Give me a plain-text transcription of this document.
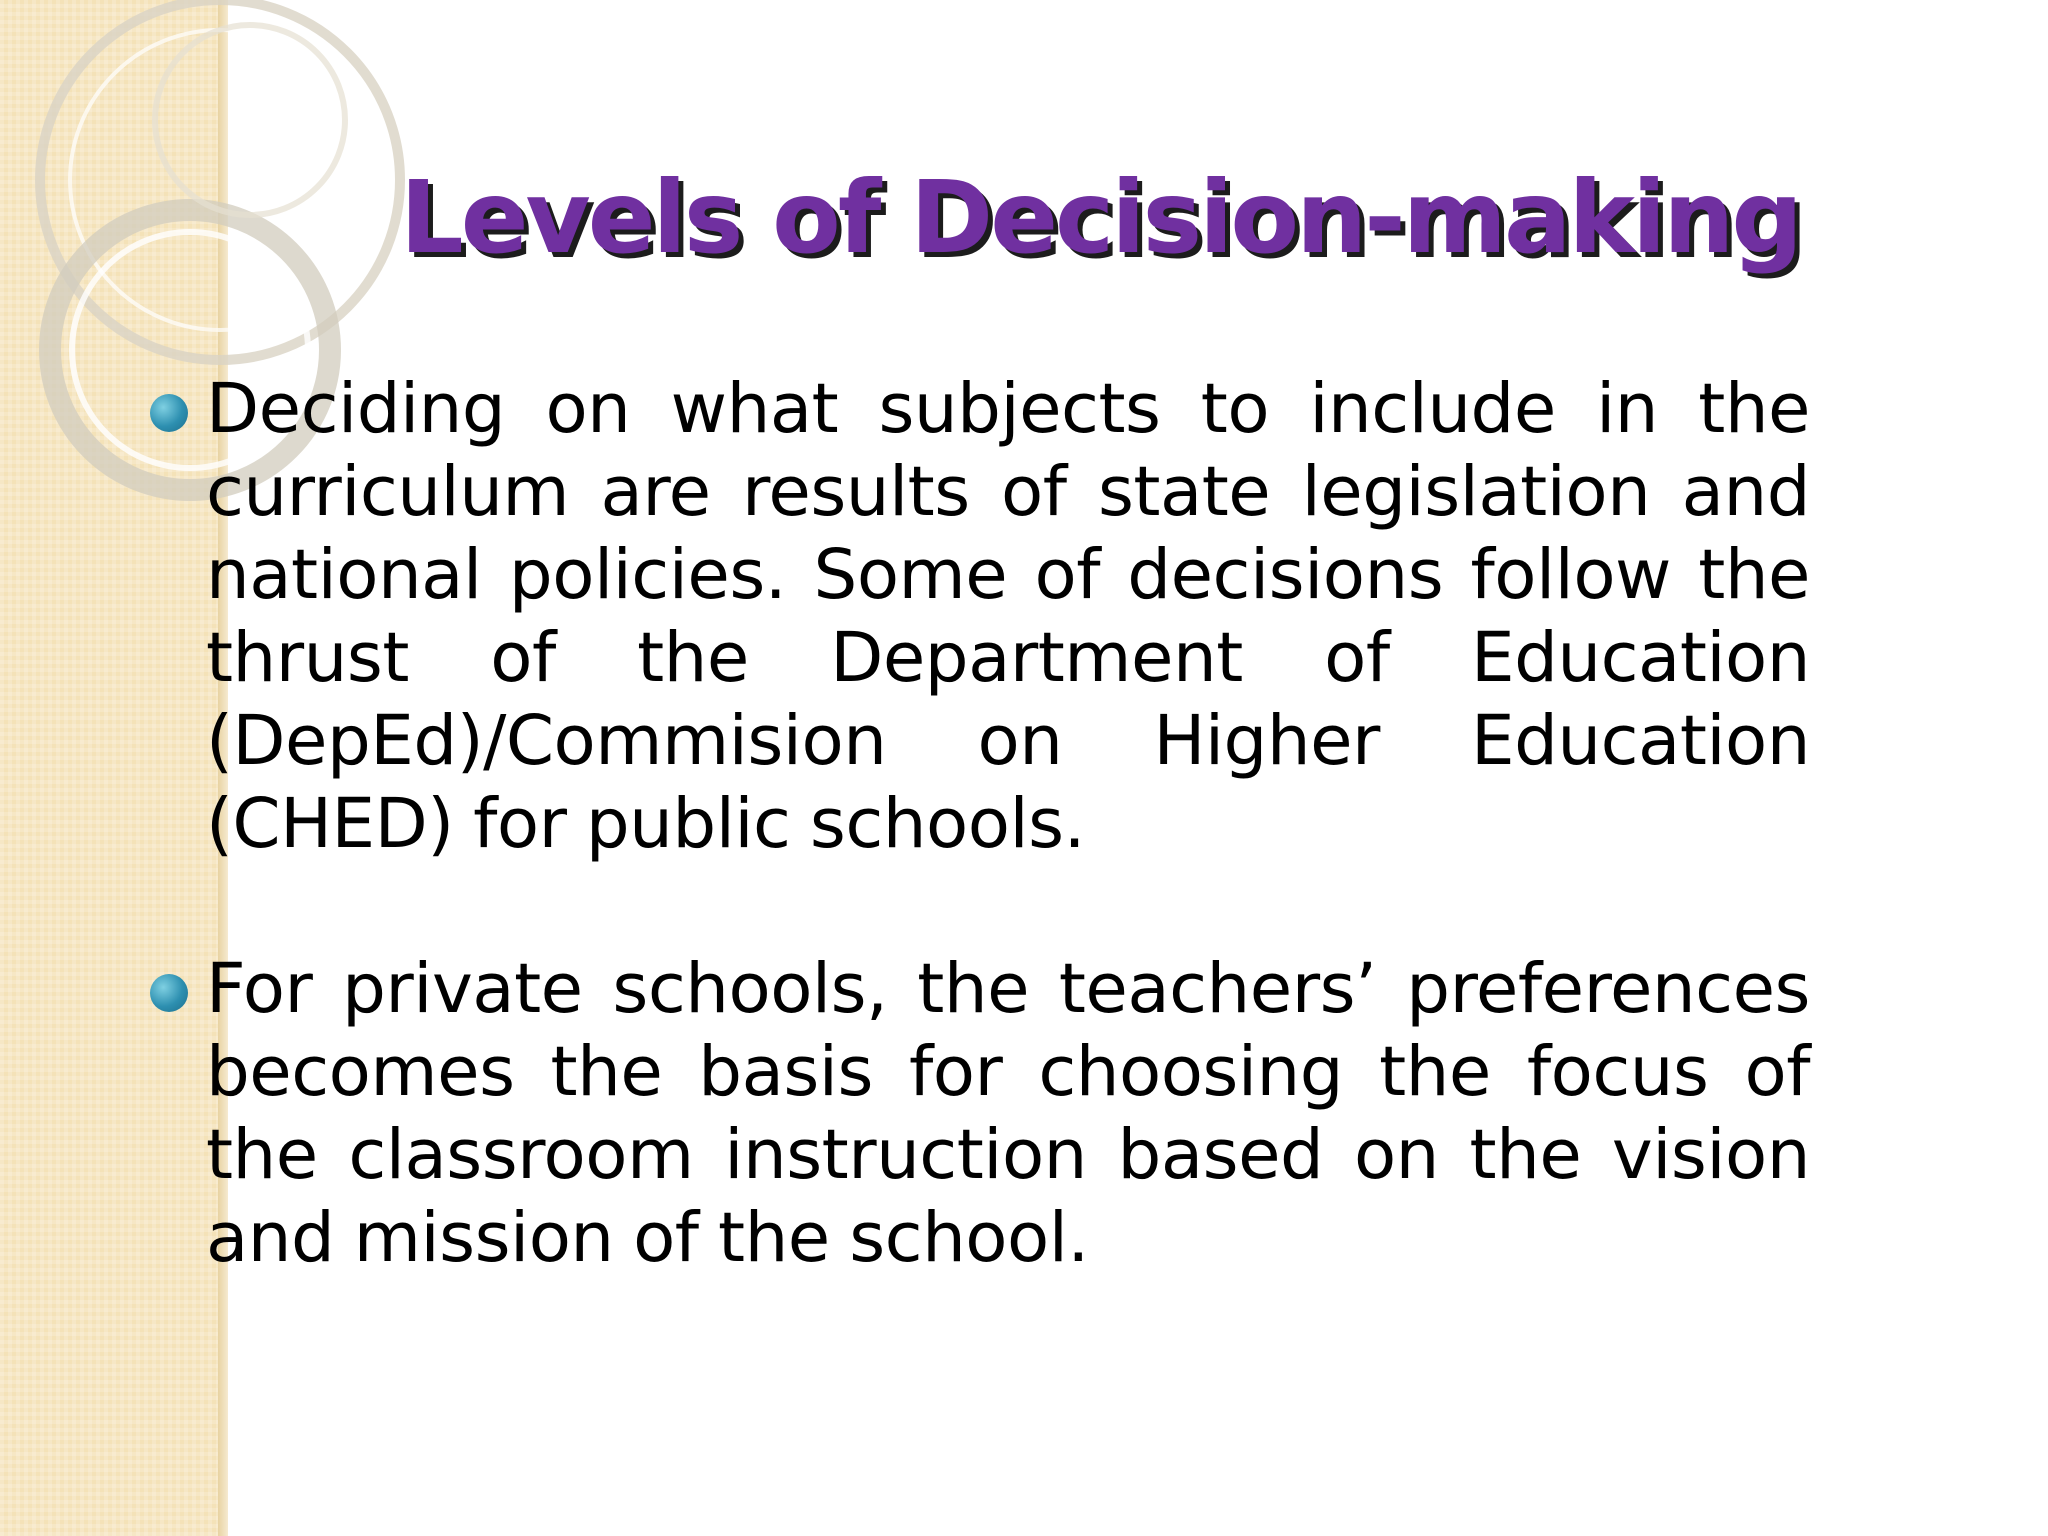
Levels of Decision-making
Deciding on what subjects to include in the curriculum are results of state legislation and national policies. Some of decisions follow the thrust of the Department of Education (DepEd)/Commision on Higher Education (CHED) for public schools.
For private schools, the teachers’ preferences becomes the basis for choosing the focus of the classroom instruction based on the vision and mission of the school.
